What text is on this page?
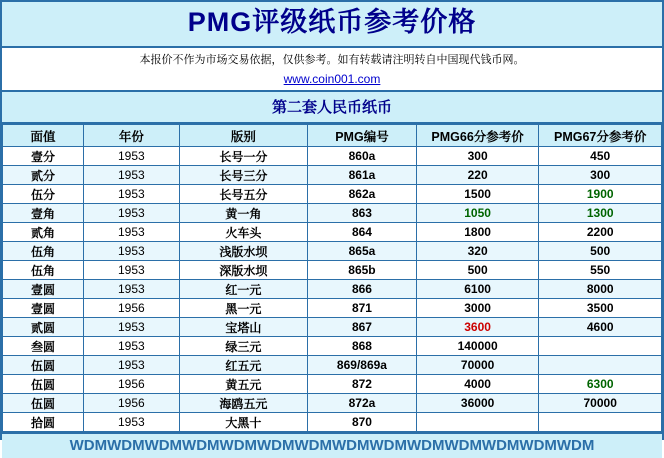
PMG评级纸币参考价格
本报价不作为市场交易依据，仅供参考。如有转载请注明转自中国现代钱币网。
www.coin001.com
第二套人民币纸币
面值	年份	版别	PMG编号	PMG66分参考价	PMG67分参考价
壹分	1953	长号一分	860a	300	450
贰分	1953	长号三分	861a	220	300
伍分	1953	长号五分	862a	1500	1900
壹角	1953	黄一角	863	1050	1300
贰角	1953	火车头	864	1800	2200
伍角	1953	浅版水坝	865a	320	500
伍角	1953	深版水坝	865b	500	550
壹圆	1953	红一元	866	6100	8000
壹圆	1956	黑一元	871	3000	3500
贰圆	1953	宝塔山	867	3600	4600
叁圆	1953	绿三元	868	140000	
伍圆	1953	红五元	869/869a	70000	
伍圆	1956	黄五元	872	4000	6300
伍圆	1956	海鸥五元	872a	36000	70000
拾圆	1953	大黑十	870		
WDMWDMWDMWDMWDMWDMWDMWDMWDMWDMWDMWDMWDMWDM
